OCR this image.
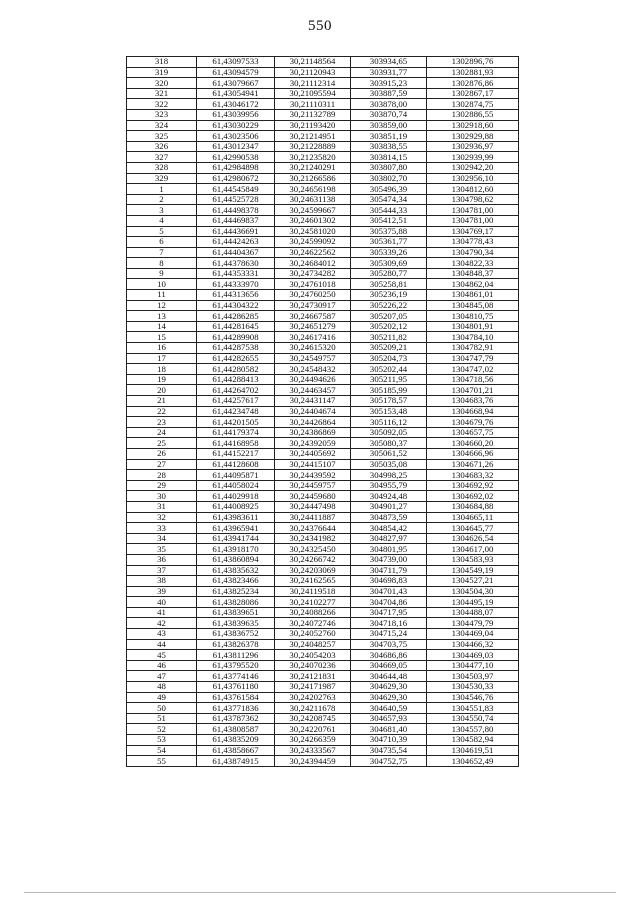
550
318	61,43097533	30,21148564	303934,65	1302896,76
319	61,43094579	30,21120943	303931,77	1302881,93
320	61,43079667	30,21112314	303915,23	1302876,86
321	61,43054941	30,21095594	303887,59	1302867,17
322	61,43046172	30,21110311	303878,00	1302874,75
323	61,43039956	30,21132789	303870,74	1302886,55
324	61,43030229	30,21193420	303859,00	1302918,60
325	61,43023506	30,21214951	303851,19	1302929,88
326	61,43012347	30,21228889	303838,55	1302936,97
327	61,42990538	30,21235820	303814,15	1302939,99
328	61,42984898	30,21240291	303807,80	1302942,20
329	61,42980672	30,21266586	303802,70	1302956,10
1	61,44545849	30,24656198	305496,39	1304812,60
2	61,44525728	30,24631138	305474,34	1304798,62
3	61,44498378	30,24599667	305444,33	1304781,00
4	61,44469837	30,24601302	305412,51	1304781,00
5	61,44436691	30,24581020	305375,88	1304769,17
6	61,44424263	30,24599092	305361,77	1304778,43
7	61,44404367	30,24622562	305339,26	1304790,34
8	61,44378630	30,24684012	305309,69	1304822,33
9	61,44353331	30,24734282	305280,77	1304848,37
10	61,44333970	30,24761018	305258,81	1304862,04
11	61,44313656	30,24760250	305236,19	1304861,01
12	61,44304322	30,24730917	305226,22	1304845,08
13	61,44286285	30,24667587	305207,05	1304810,75
14	61,44281645	30,24651279	305202,12	1304801,91
15	61,44289908	30,24617416	305211,82	1304784,10
16	61,44287538	30,24615320	305209,21	1304782,91
17	61,44282655	30,24549757	305204,73	1304747,79
18	61,44280582	30,24548432	305202,44	1304747,02
19	61,44288413	30,24494626	305211,95	1304718,56
20	61,44264702	30,24463457	305185,99	1304701,21
21	61,44257617	30,24431147	305178,57	1304683,76
22	61,44234748	30,24404674	305153,48	1304668,94
23	61,44201505	30,24426864	305116,12	1304679,76
24	61,44179374	30,24386869	305092,05	1304657,75
25	61,44168958	30,24392059	305080,37	1304660,20
26	61,44152217	30,24405692	305061,52	1304666,96
27	61,44128608	30,24415107	305035,08	1304671,26
28	61,44095871	30,24439592	304998,25	1304683,32
29	61,44058024	30,24459757	304955,79	1304692,92
30	61,44029918	30,24459680	304924,48	1304692,02
31	61,44008925	30,24447498	304901,27	1304684,88
32	61,43983611	30,24411887	304873,59	1304665,11
33	61,43965941	30,24376644	304854,42	1304645,77
34	61,43941744	30,24341982	304827,97	1304626,54
35	61,43918170	30,24325450	304801,95	1304617,00
36	61,43860894	30,24266742	304739,00	1304583,93
37	61,43835632	30,24203069	304711,79	1304549,19
38	61,43823466	30,24162565	304698,83	1304527,21
39	61,43825234	30,24119518	304701,43	1304504,30
40	61,43828086	30,24102277	304704,86	1304495,19
41	61,43839651	30,24088266	304717,95	1304488,07
42	61,43839635	30,24072746	304718,16	1304479,79
43	61,43836752	30,24052760	304715,24	1304469,04
44	61,43826378	30,24048257	304703,75	1304466,32
45	61,43811296	30,24054203	304686,86	1304469,03
46	61,43795520	30,24070236	304669,05	1304477,10
47	61,43774146	30,24121831	304644,48	1304503,97
48	61,43761180	30,24171987	304629,30	1304530,33
49	61,43761584	30,24202763	304629,30	1304546,76
50	61,43771836	30,24211678	304640,59	1304551,83
51	61,43787362	30,24208745	304657,93	1304550,74
52	61,43808587	30,24220761	304681,40	1304557,80
53	61,43835209	30,24266359	304710,39	1304582,94
54	61,43858667	30,24333567	304735,54	1304619,51
55	61,43874915	30,24394459	304752,75	1304652,49
